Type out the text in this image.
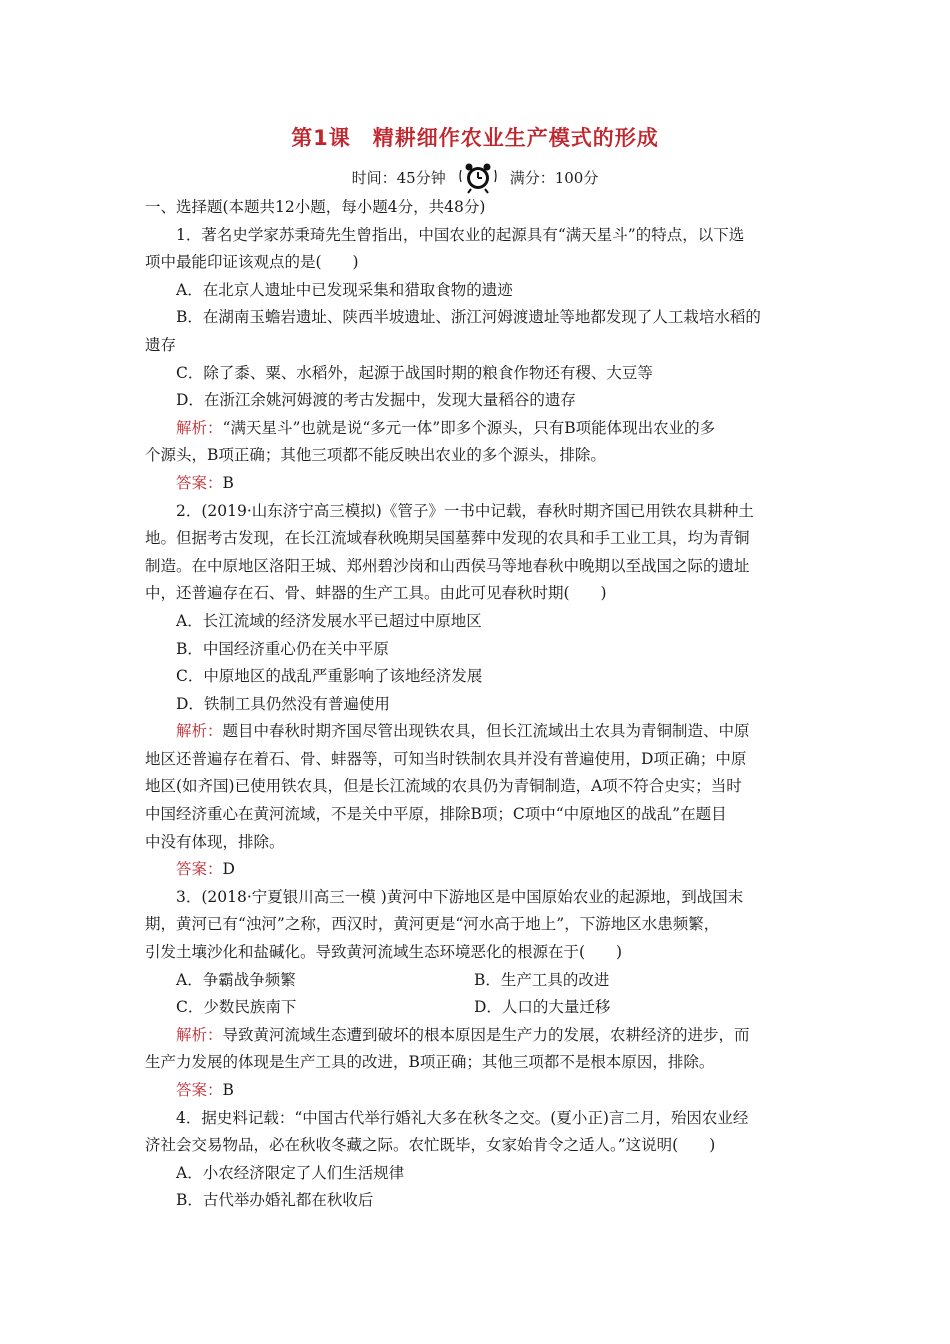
第1课　精耕细作农业生产模式的形成
时间：45分钟	满分：100分
一、选择题(本题共12小题，每小题4分，共48分)
1．著名史学家苏秉琦先生曾指出，中国农业的起源具有“满天星斗”的特点，以下选
项中最能印证该观点的是(　　)
A．在北京人遗址中已发现采集和猎取食物的遗迹
B．在湖南玉蟾岩遗址、陕西半坡遗址、浙江河姆渡遗址等地都发现了人工栽培水稻的
遗存
C．除了黍、粟、水稻外，起源于战国时期的粮食作物还有稷、大豆等
D．在浙江余姚河姆渡的考古发掘中，发现大量稻谷的遗存
解析：“满天星斗”也就是说“多元一体”即多个源头，只有B项能体现出农业的多
个源头，B项正确；其他三项都不能反映出农业的多个源头，排除。
答案：B
2．(2019·山东济宁高三模拟)《管子》一书中记载，春秋时期齐国已用铁农具耕种土
地。但据考古发现，在长江流域春秋晚期吴国墓葬中发现的农具和手工业工具，均为青铜
制造。在中原地区洛阳王城、郑州碧沙岗和山西侯马等地春秋中晚期以至战国之际的遗址
中，还普遍存在石、骨、蚌器的生产工具。由此可见春秋时期(　　)
A．长江流域的经济发展水平已超过中原地区
B．中国经济重心仍在关中平原
C．中原地区的战乱严重影响了该地经济发展
D．铁制工具仍然没有普遍使用
解析：题目中春秋时期齐国尽管出现铁农具，但长江流域出土农具为青铜制造、中原
地区还普遍存在着石、骨、蚌器等，可知当时铁制农具并没有普遍使用，D项正确；中原
地区(如齐国)已使用铁农具，但是长江流域的农具仍为青铜制造，A项不符合史实；当时
中国经济重心在黄河流域，不是关中平原，排除B项；C项中“中原地区的战乱”在题目
中没有体现，排除。
答案：D
3．(2018·宁夏银川高三一模 )黄河中下游地区是中国原始农业的起源地，到战国末
期，黄河已有“浊河”之称，西汉时，黄河更是“河水高于地上”，下游地区水患频繁，
引发土壤沙化和盐碱化。导致黄河流域生态环境恶化的根源在于(　　)
A．争霸战争频繁	B．生产工具的改进
C．少数民族南下	D．人口的大量迁移
解析：导致黄河流域生态遭到破坏的根本原因是生产力的发展，农耕经济的进步，而
生产力发展的体现是生产工具的改进，B项正确；其他三项都不是根本原因，排除。
答案：B
4．据史料记载：“中国古代举行婚礼大多在秋冬之交。(夏小正)言二月，殆因农业经
济社会交易物品，必在秋收冬藏之际。农忙既毕，女家始肯令之适人。”这说明(　　)
A．小农经济限定了人们生活规律
B．古代举办婚礼都在秋收后
